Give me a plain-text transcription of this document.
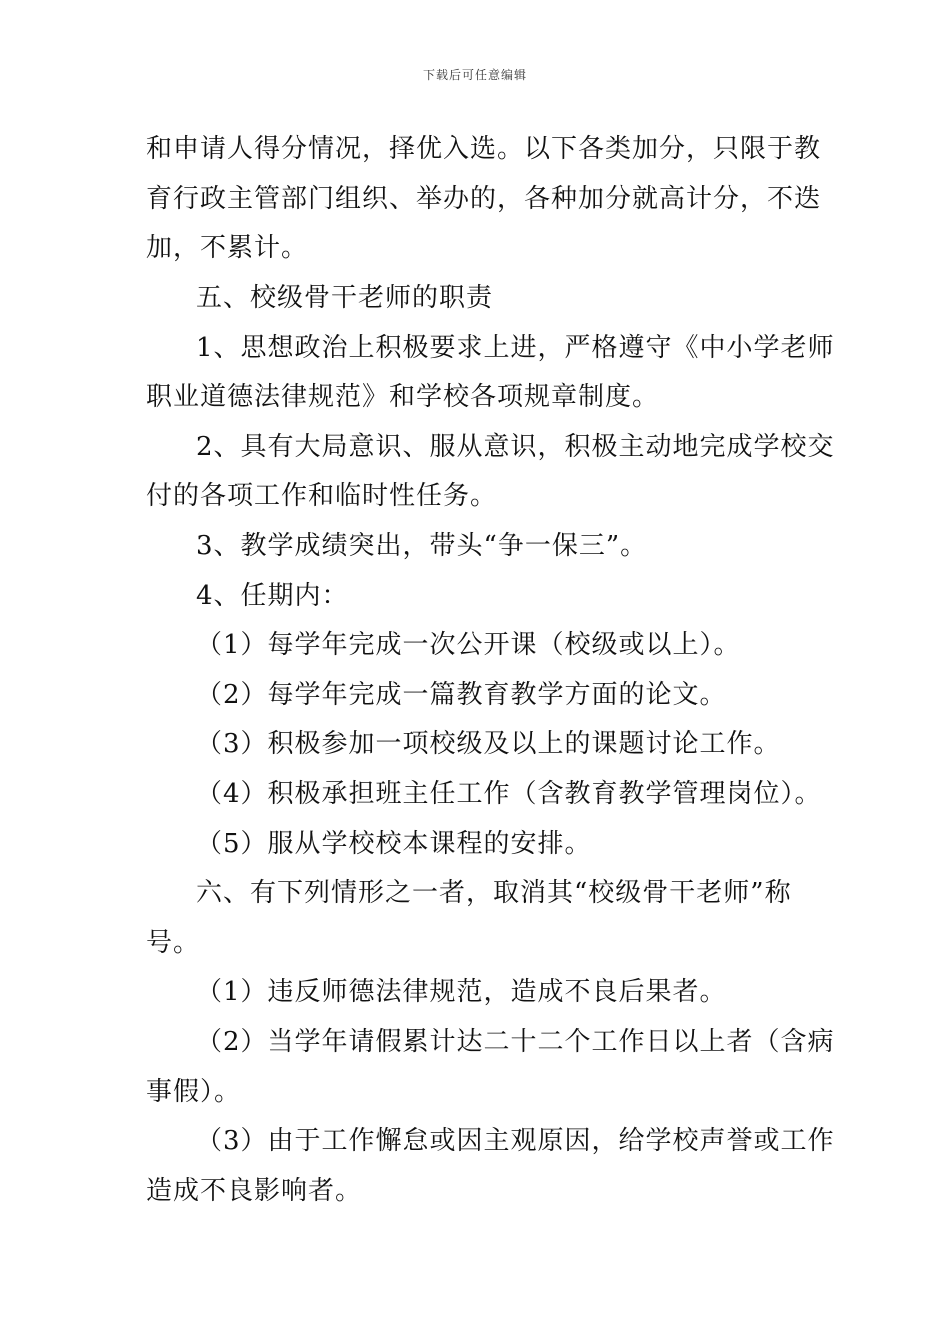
下载后可任意编辑
和申请人得分情况，择优入选。以下各类加分，只限于教
育行政主管部门组织、举办的，各种加分就高计分，不迭
加，不累计。
五、校级骨干老师的职责
1、思想政治上积极要求上进，严格遵守《中小学老师
职业道德法律规范》和学校各项规章制度。
2、具有大局意识、服从意识，积极主动地完成学校交
付的各项工作和临时性任务。
3、教学成绩突出，带头“争一保三”。
4、任期内：
（1）每学年完成一次公开课（校级或以上）。
（2）每学年完成一篇教育教学方面的论文。
（3）积极参加一项校级及以上的课题讨论工作。
（4）积极承担班主任工作（含教育教学管理岗位）。
（5）服从学校校本课程的安排。
六、有下列情形之一者，取消其“校级骨干老师”称
号。
（1）违反师德法律规范，造成不良后果者。
（2）当学年请假累计达二十二个工作日以上者（含病
事假）。
（3）由于工作懈怠或因主观原因，给学校声誉或工作
造成不良影响者。
